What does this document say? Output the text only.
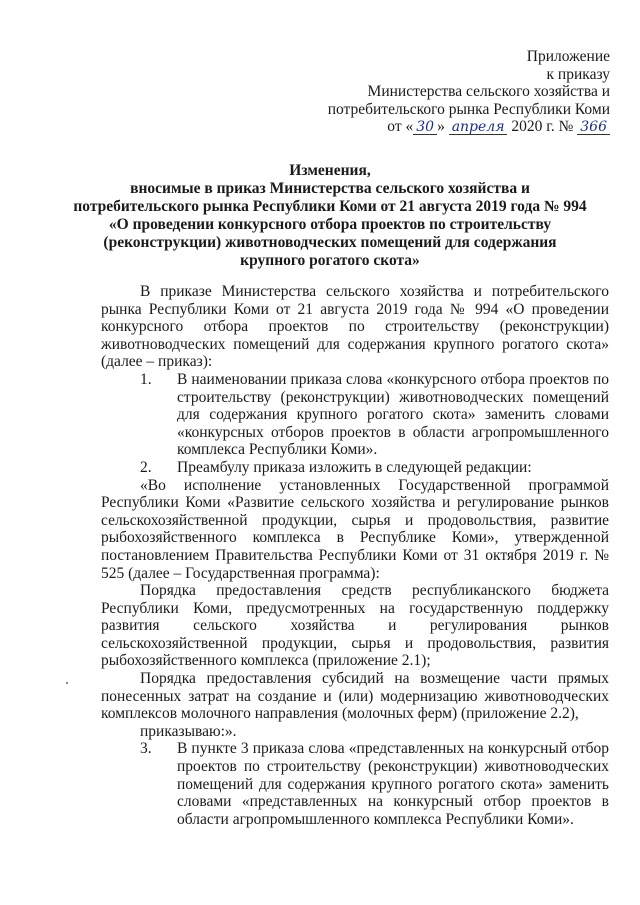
Приложение
к приказу
Министерства сельского хозяйства и
потребительского рынка Республики Коми
от « 30 » апреля 2020 г. № 366
Изменения,
вносимые в приказ Министерства сельского хозяйства и
потребительского рынка Республики Коми от 21 августа 2019 года № 994
«О проведении конкурсного отбора проектов по строительству
(реконструкции) животноводческих помещений для содержания
крупного рогатого скота»

В приказе Министерства сельского хозяйства и потребительского рынка Республики Коми от 21 августа 2019 года № 994 «О проведении конкурсного отбора проектов по строительству (реконструкции) животноводческих помещений для содержания крупного рогатого скота» (далее – приказ):

1.	В наименовании приказа слова «конкурсного отбора проектов по строительству (реконструкции) животноводческих помещений для содержания крупного рогатого скота» заменить словами «конкурсных отборов проектов в области агропромышленного комплекса Республики Коми».

2.	Преамбулу приказа изложить в следующей редакции:

«Во исполнение установленных Государственной программой Республики Коми «Развитие сельского хозяйства и регулирование рынков сельскохозяйственной продукции, сырья и продовольствия, развитие рыбохозяйственного комплекса в Республике Коми», утвержденной постановлением Правительства Республики Коми от 31 октября 2019 г. № 525 (далее – Государственная программа):

Порядка предоставления средств республиканского бюджета Республики Коми, предусмотренных на государственную поддержку развития сельского хозяйства и регулирования рынков сельскохозяйственной продукции, сырья и продовольствия, развития рыбохозяйственного комплекса (приложение 2.1);

Порядка предоставления субсидий на возмещение части прямых понесенных затрат на создание и (или) модернизацию животноводческих комплексов молочного направления (молочных ферм) (приложение 2.2),

приказываю:».

3.	В пункте 3 приказа слова «представленных на конкурсный отбор проектов по строительству (реконструкции) животноводческих помещений для содержания крупного рогатого скота» заменить словами «представленных на конкурсный отбор проектов в области агропромышленного комплекса Республики Коми».
